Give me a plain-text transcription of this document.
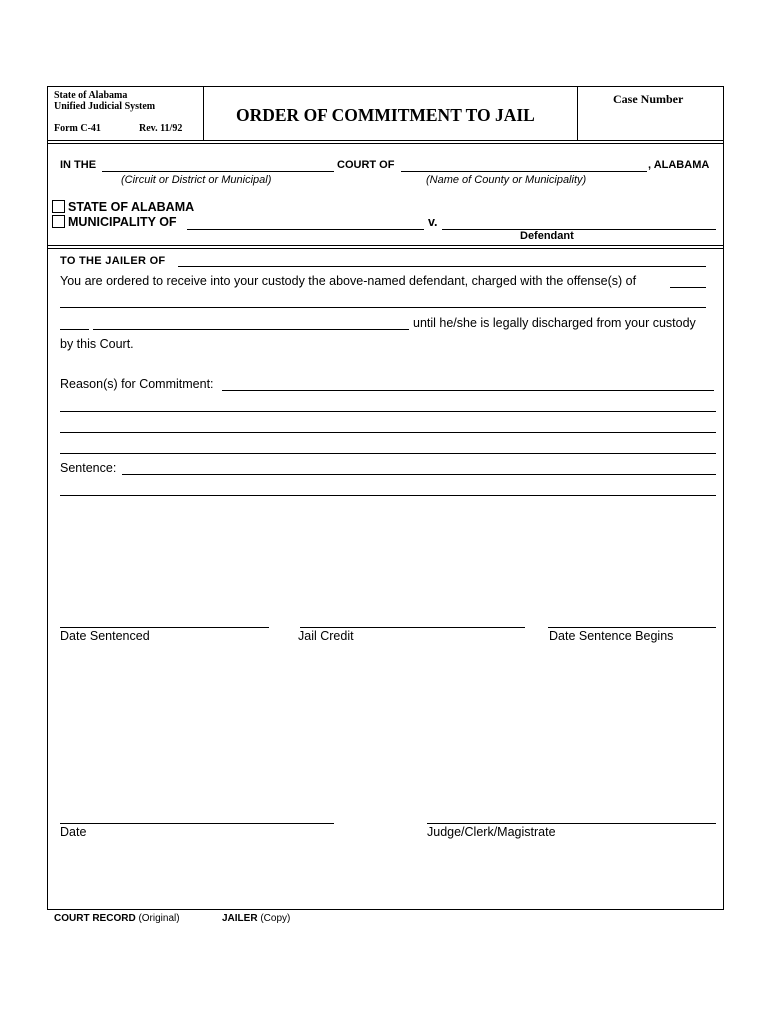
State of Alabama
Unified Judicial System
Form C-41	Rev. 11/92
ORDER OF COMMITMENT TO JAIL
Case Number
IN THE	COURT OF	, ALABAMA
(Circuit or District or Municipal)	(Name of County or Municipality)
STATE OF ALABAMA
MUNICIPALITY OF	v.
Defendant
TO THE JAILER OF
You are ordered to receive into your custody the above-named defendant, charged with the offense(s) of
until he/she is legally discharged from your custody
by this Court.
Reason(s) for Commitment:
Sentence:
Date Sentenced	Jail Credit	Date Sentence Begins
Date	Judge/Clerk/Magistrate
COURT RECORD (Original)	JAILER (Copy)
